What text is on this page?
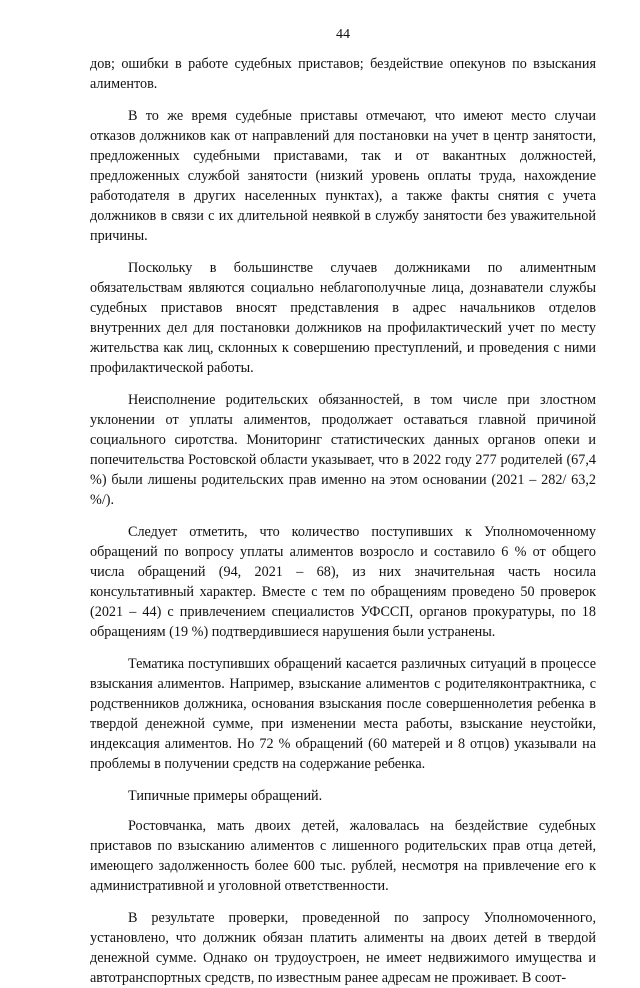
44

дов; ошибки в работе судебных приставов; бездействие опекунов по взыскания алиментов.

В то же время судебные приставы отмечают, что имеют место случаи отказов должников как от направлений для постановки на учет в центр занятости, предложенных судебными приставами, так и от вакантных должностей, предложенных службой занятости (низкий уровень оплаты труда, нахождение работодателя в других населенных пунктах), а также факты снятия с учета должников в связи с их длительной неявкой в службу занятости без уважительной причины.

Поскольку в большинстве случаев должниками по алиментным обязательствам являются социально неблагополучные лица, дознаватели службы судебных приставов вносят представления в адрес начальников отделов внутренних дел для постановки должников на профилактический учет по месту жительства как лиц, склонных к совершению преступлений, и проведения с ними профилактической работы.

Неисполнение родительских обязанностей, в том числе при злостном уклонении от уплаты алиментов, продолжает оставаться главной причиной социального сиротства. Мониторинг статистических данных органов опеки и попечительства Ростовской области указывает, что в 2022 году 277 родителей (67,4 %) были лишены родительских прав именно на этом основании (2021 – 282/ 63,2 %/).

Следует отметить, что количество поступивших к Уполномоченному обращений по вопросу уплаты алиментов возросло и составило 6 % от общего числа обращений (94, 2021 – 68), из них значительная часть носила консультативный характер. Вместе с тем по обращениям проведено 50 проверок (2021 – 44) с привлечением специалистов УФССП, органов прокуратуры, по 18 обращениям (19 %) подтвердившиеся нарушения были устранены.

Тематика поступивших обращений касается различных ситуаций в процессе взыскания алиментов. Например, взыскание алиментов с родителяконтрактника, с родственников должника, основания взыскания после совершеннолетия ребенка в твердой денежной сумме, при изменении места работы, взыскание неустойки, индексация алиментов. Но 72 % обращений (60 матерей и 8 отцов) указывали на проблемы в получении средств на содержание ребенка.

Типичные примеры обращений.

Ростовчанка, мать двоих детей, жаловалась на бездействие судебных приставов по взысканию алиментов с лишенного родительских прав отца детей, имеющего задолженность более 600 тыс. рублей, несмотря на привлечение его к административной и уголовной ответственности.

В результате проверки, проведенной по запросу Уполномоченного, установлено, что должник обязан платить алименты на двоих детей в твердой денежной сумме. Однако он трудоустроен, не имеет недвижимого имущества и автотранспортных средств, по известным ранее адресам не проживает. В соот-
